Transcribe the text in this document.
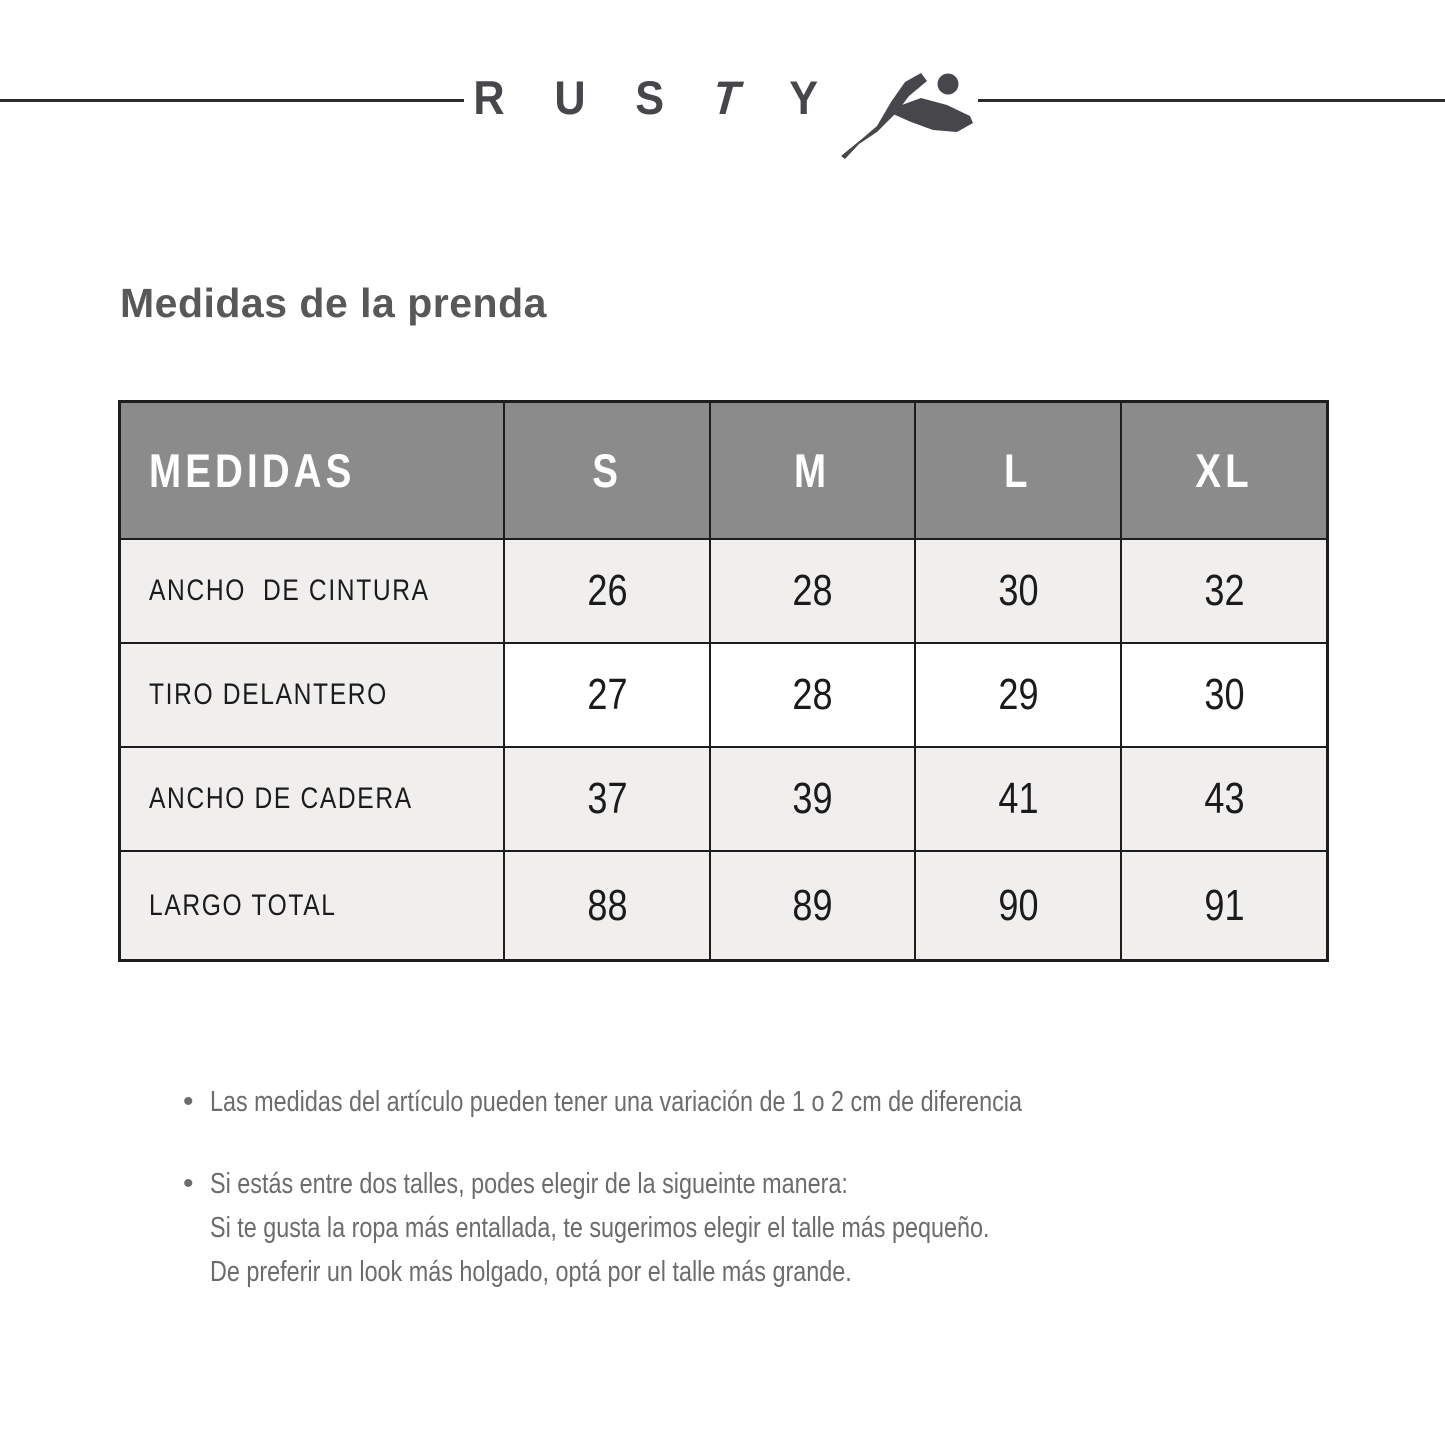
R U S T Y
Medidas de la prenda
MEDIDAS	S	M	L	XL
ANCHO  DE CINTURA	26	28	30	32
TIRO DELANTERO	27	28	29	30
ANCHO DE CADERA	37	39	41	43
LARGO TOTAL	88	89	90	91
• Las medidas del artículo pueden tener una variación de 1 o 2 cm de diferencia
• Si estás entre dos talles, podes elegir de la sigueinte manera:
Si te gusta la ropa más entallada, te sugerimos elegir el talle más pequeño.
De preferir un look más holgado, optá por el talle más grande.
